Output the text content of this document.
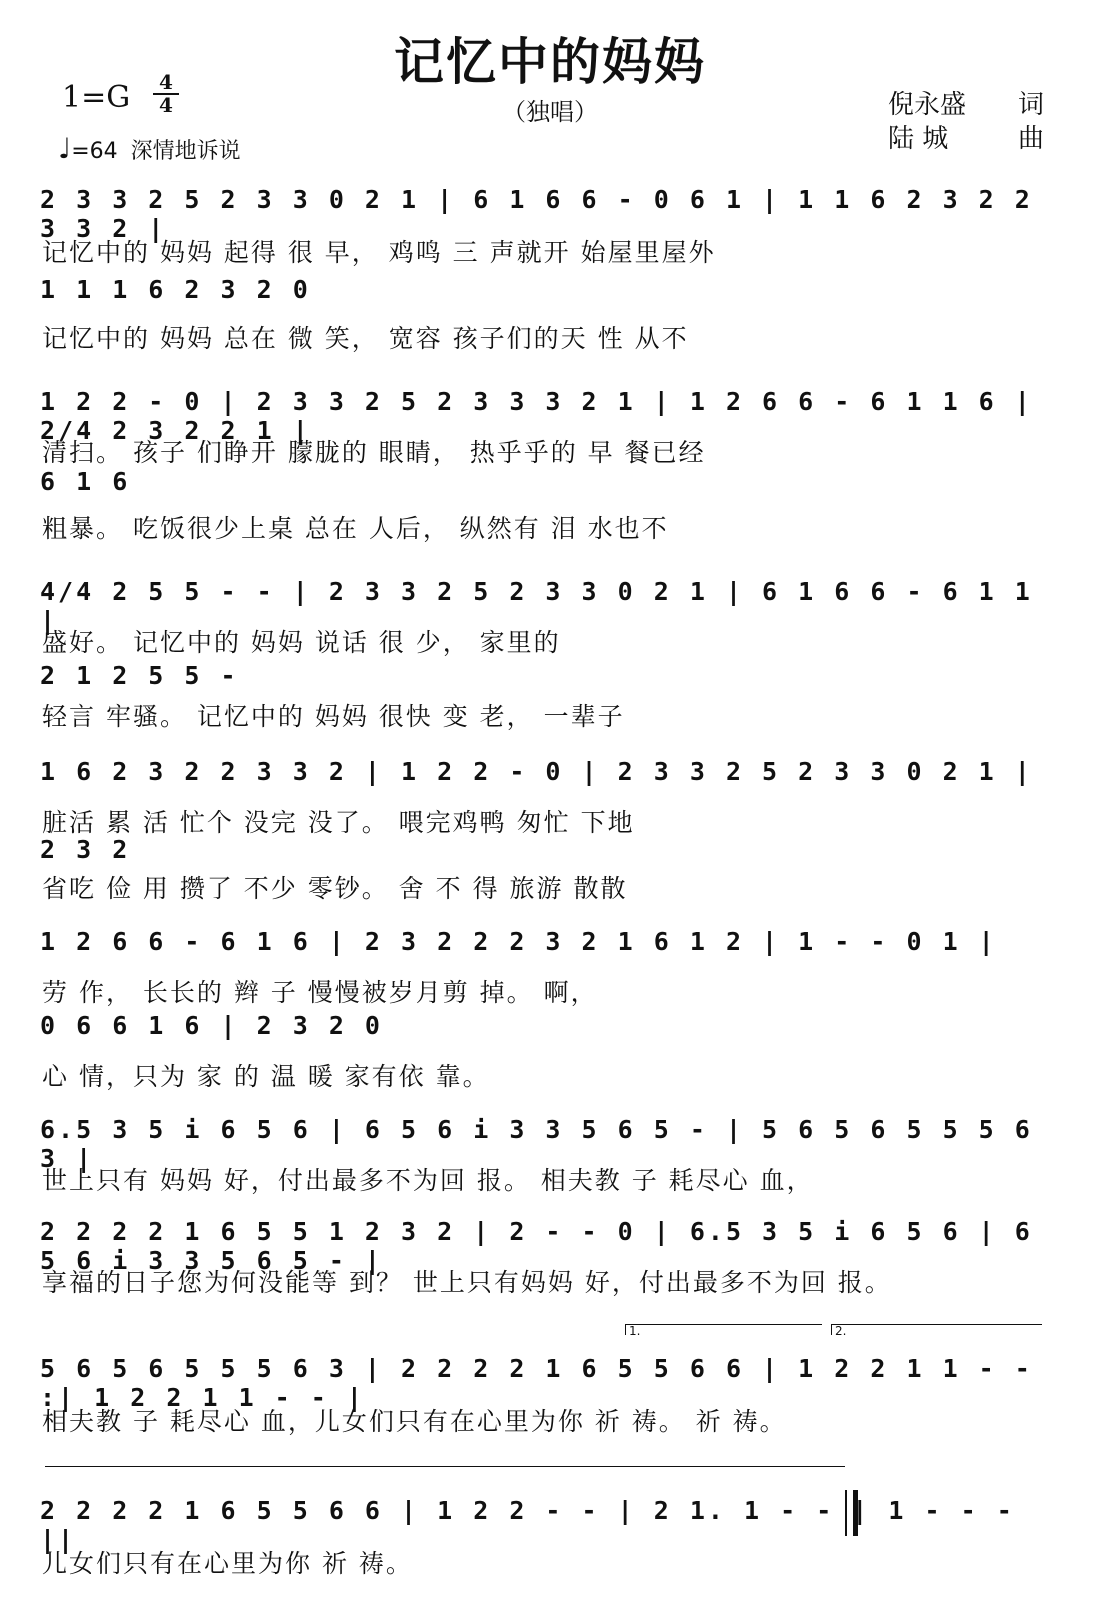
记忆中的妈妈
（独唱）
1=G	4
4
♩=64 深情地诉说
倪永盛 词
陆 城	曲
2 3 3 2 5 2 3 3 0 2 1 | 6 1 6 6 - 0 6 1 | 1 1 6 2 3 2 2 3 3 2 |
记忆中的 妈妈 起得 很 早， 鸡鸣 三 声就开 始屋里屋外
1 1 1 6 2 3 2 0
记忆中的 妈妈 总在 微 笑， 宽容 孩子们的天 性 从不
1 2 2 - 0 | 2 3 3 2 5 2 3 3 3 2 1 | 1 2 6 6 - 6 1 1 6 | 2/4 2 3 2 2 1 |
清扫。 孩子 们睁开 朦胧的 眼睛， 热乎乎的 早 餐已经
6 1 6
粗暴。 吃饭很少上桌 总在 人后， 纵然有 泪 水也不
4/4 2 5 5 - - | 2 3 3 2 5 2 3 3 0 2 1 | 6 1 6 6 - 6 1 1 |
盛好。 记忆中的 妈妈 说话 很 少， 家里的
2 1 2 5 5 -
轻言 牢骚。 记忆中的 妈妈 很快 变 老， 一辈子
1 6 2 3 2 2 3 3 2 | 1 2 2 - 0 | 2 3 3 2 5 2 3 3 0 2 1 |
脏活 累 活 忙个 没完 没了。 喂完鸡鸭 匆忙 下地
2 3 2
省吃 俭 用 攒了 不少 零钞。 舍 不 得 旅游 散散
1 2 6 6 - 6 1 6 | 2 3 2 2 2 3 2 1 6 1 2 | 1 - - 0 1 |
劳 作， 长长的 辫 子 慢慢被岁月剪 掉。 啊，
0 6 6 1 6 | 2 3 2 0
心 情，只为 家 的 温 暖 家有依 靠。
6.5 3 5 i 6 5 6 | 6 5 6 i 3 3 5 6 5 - | 5 6 5 6 5 5 5 6 3 |
世上只有 妈妈 好，付出最多不为回 报。 相夫教 子 耗尽心 血，
2 2 2 2 1 6 5 5 1 2 3 2 | 2 - - 0 | 6.5 3 5 i 6 5 6 | 6 5 6 i 3 3 5 6 5 - |
享福的日子您为何没能等 到？ 世上只有妈妈 好，付出最多不为回 报。
1.	2.
5 6 5 6 5 5 5 6 3 | 2 2 2 2 1 6 5 5 6 6 | 1 2 2 1 1 - - :| 1 2 2 1 1 - - |
相夫教 子 耗尽心 血，儿女们只有在心里为你 祈 祷。 祈 祷。
2 2 2 2 1 6 5 5 6 6 | 1 2 2 - - | 2 1. 1 - - | 1 - - - ||
儿女们只有在心里为你 祈 祷。
